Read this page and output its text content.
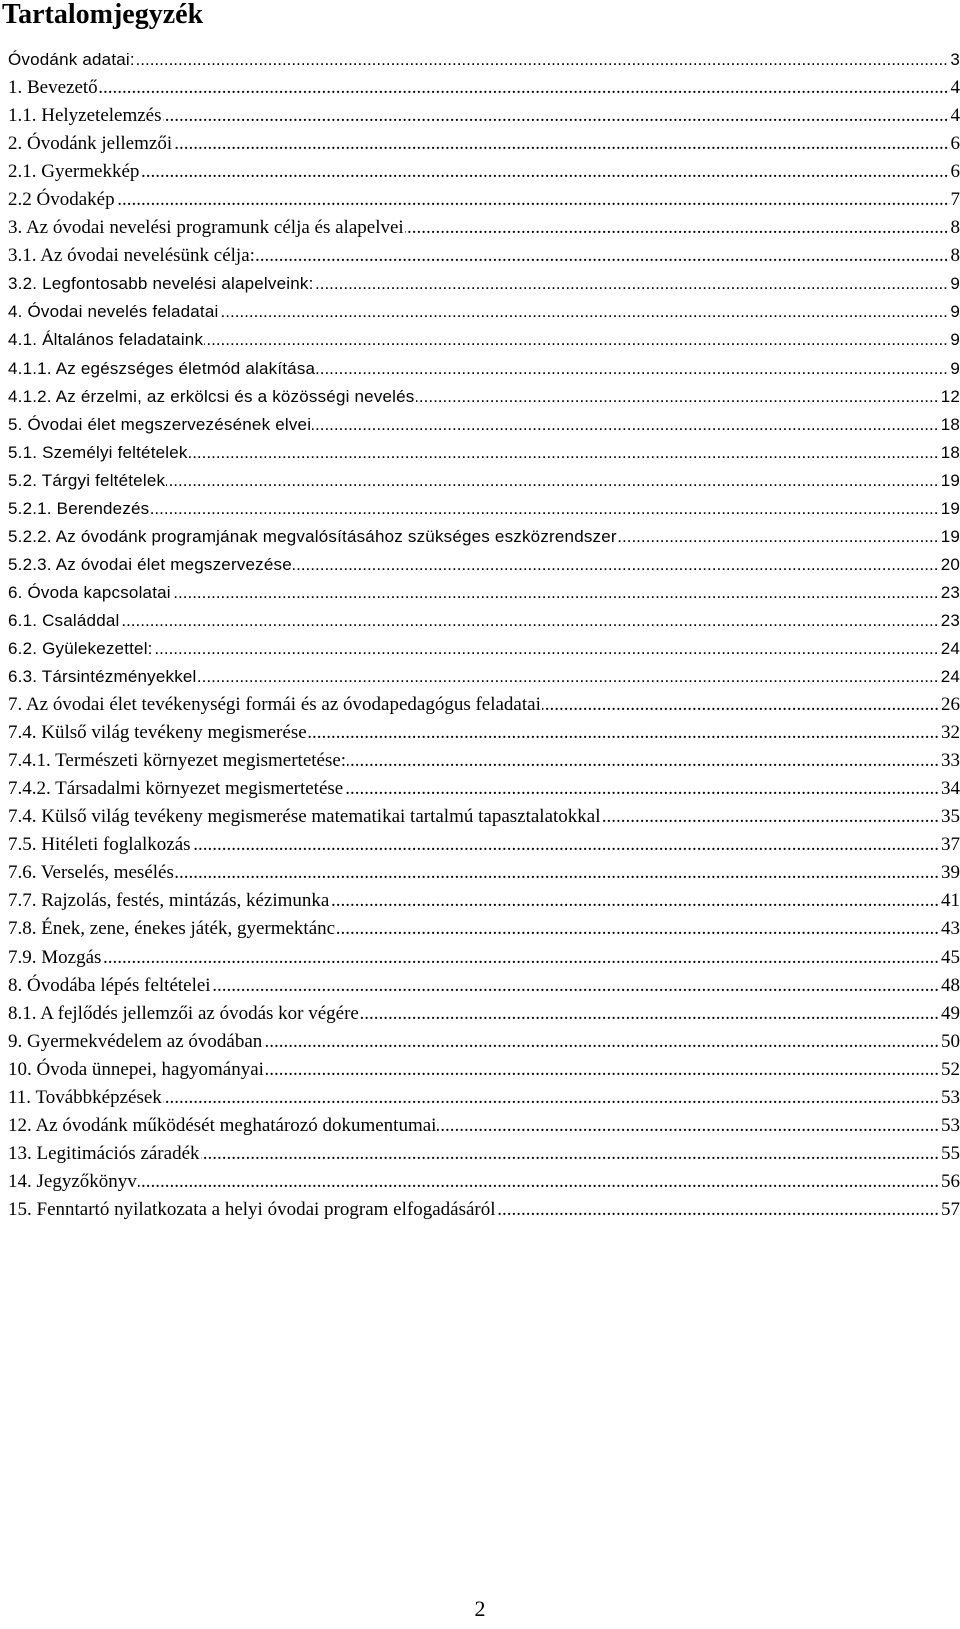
Tartalomjegyzék
..... Óvodánk adatai:	3
..... 1. Bevezető	4
..... 1.1. Helyzetelemzés	4
..... 2. Óvodánk jellemzői	6
..... 2.1. Gyermekkép	6
..... 2.2 Óvodakép	7
..... 3. Az óvodai nevelési programunk célja és alapelvei	8
..... 3.1. Az óvodai nevelésünk célja:	8
..... 3.2. Legfontosabb nevelési alapelveink:	9
..... 4. Óvodai nevelés feladatai	9
..... 4.1. Általános feladataink	9
..... 4.1.1. Az egészséges életmód alakítása	9
..... 4.1.2. Az érzelmi, az erkölcsi és a közösségi nevelés	12
..... 5. Óvodai élet megszervezésének elvei	18
..... 5.1. Személyi feltételek	18
..... 5.2. Tárgyi feltételek	19
..... 5.2.1. Berendezés	19
..... 5.2.2. Az óvodánk programjának megvalósításához szükséges eszközrendszer	19
..... 5.2.3. Az óvodai élet megszervezése	20
..... 6. Óvoda kapcsolatai	23
..... 6.1. Családdal	23
..... 6.2. Gyülekezettel:	24
..... 6.3. Társintézményekkel	24
..... 7. Az óvodai élet tevékenységi formái és az óvodapedagógus feladatai	26
..... 7.4. Külső világ tevékeny megismerése	32
..... 7.4.1. Természeti környezet megismertetése:	33
..... 7.4.2. Társadalmi környezet megismertetése	34
..... 7.4. Külső világ tevékeny megismerése matematikai tartalmú tapasztalatokkal	35
..... 7.5. Hitéleti foglalkozás	37
..... 7.6. Verselés, mesélés	39
..... 7.7. Rajzolás, festés, mintázás, kézimunka	41
..... 7.8. Ének, zene, énekes játék, gyermektánc	43
..... 7.9. Mozgás	45
..... 8. Óvodába lépés feltételei	48
..... 8.1. A fejlődés jellemzői az óvodás kor végére	49
..... 9. Gyermekvédelem az óvodában	50
..... 10. Óvoda ünnepei, hagyományai	52
..... 11. Továbbképzések	53
..... 12. Az óvodánk működését meghatározó dokumentumai	53
..... 13. Legitimációs záradék	55
..... 14. Jegyzőkönyv	56
..... 15. Fenntartó nyilatkozata a helyi óvodai program elfogadásáról	57
2
